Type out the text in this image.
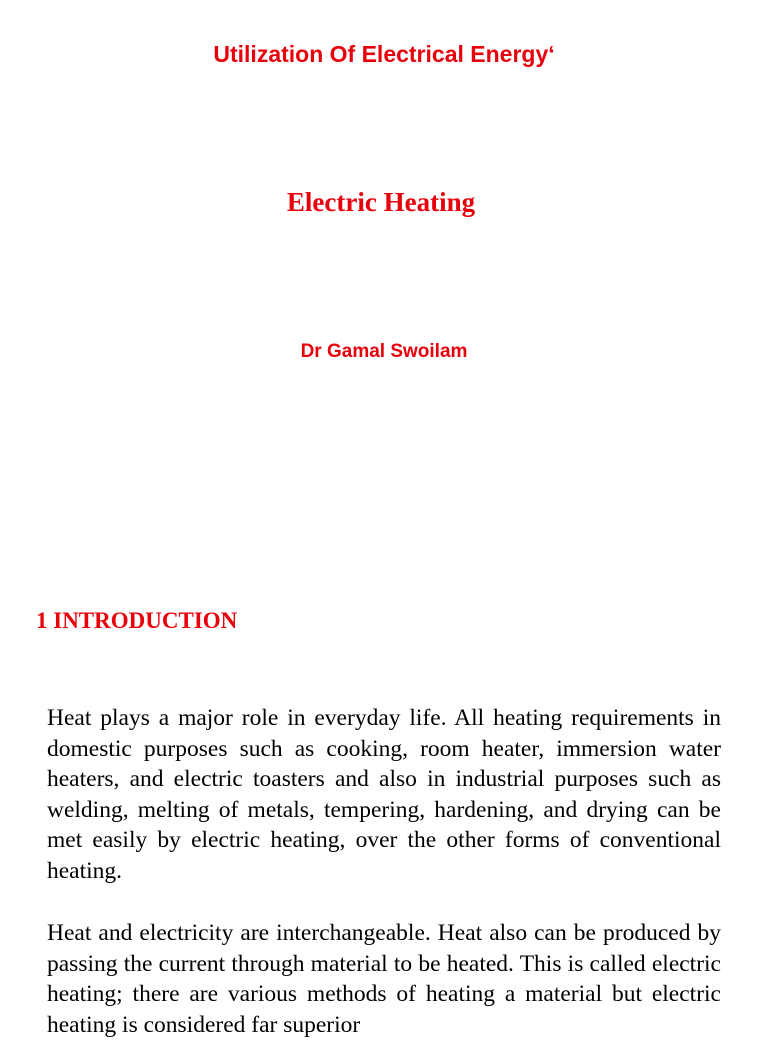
Utilization Of Electrical Energy‘
Electric Heating
Dr Gamal Swoilam
1 INTRODUCTION

Heat plays a major role in everyday life. All heating requirements in domestic purposes such as cooking, room heater, immersion water heaters, and electric toasters and also in industrial purposes such as welding, melting of metals, tempering, hardening, and drying can be met easily by electric heating, over the other forms of conventional heating.

Heat and electricity are interchangeable. Heat also can be produced by passing the current through material to be heated. This is called electric heating; there are various methods of heating a material but electric heating is considered far superior
